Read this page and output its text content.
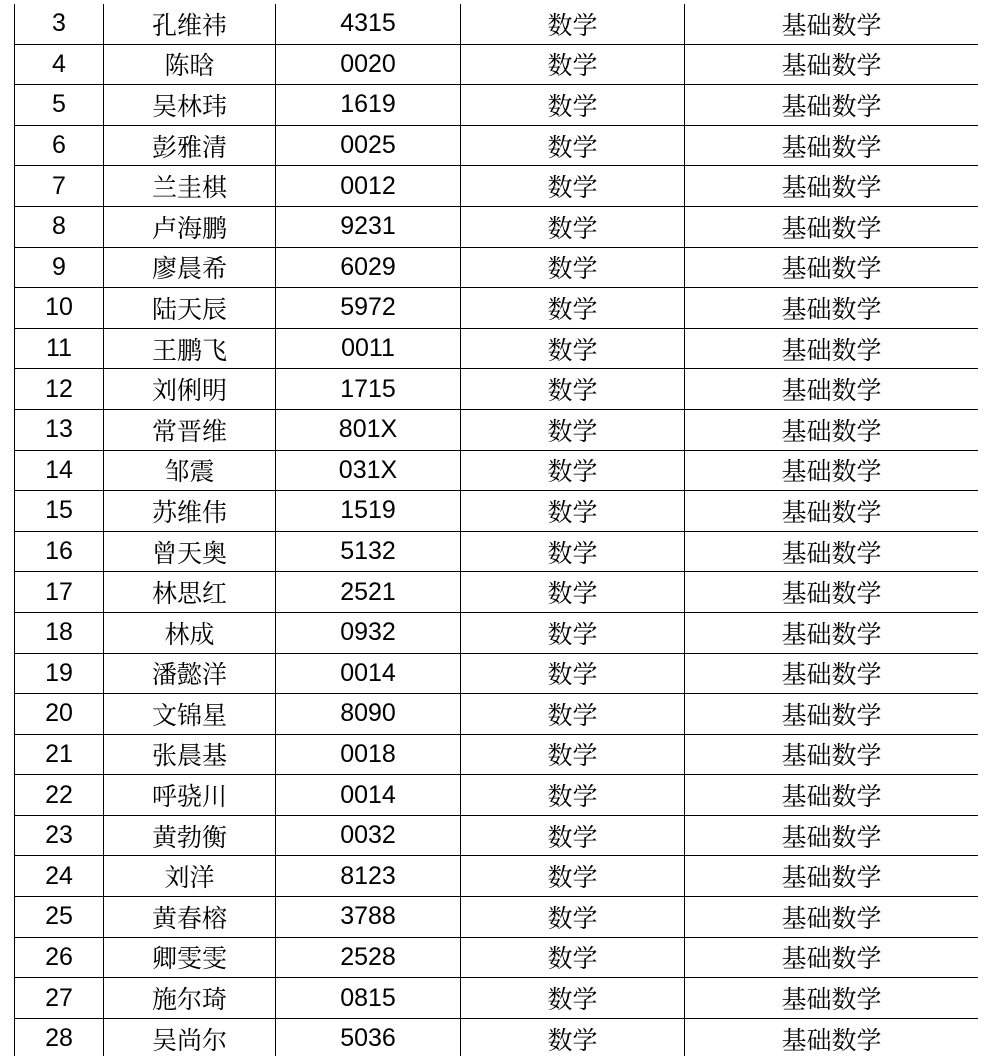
3	孔维祎	4315	数学	基础数学
4	陈晗	0020	数学	基础数学
5	吴林玮	1619	数学	基础数学
6	彭雅清	0025	数学	基础数学
7	兰圭棋	0012	数学	基础数学
8	卢海鹏	9231	数学	基础数学
9	廖晨希	6029	数学	基础数学
10	陆天辰	5972	数学	基础数学
11	王鹏飞	0011	数学	基础数学
12	刘俐明	1715	数学	基础数学
13	常晋维	801X	数学	基础数学
14	邹震	031X	数学	基础数学
15	苏维伟	1519	数学	基础数学
16	曾天奥	5132	数学	基础数学
17	林思红	2521	数学	基础数学
18	林成	0932	数学	基础数学
19	潘懿洋	0014	数学	基础数学
20	文锦星	8090	数学	基础数学
21	张晨基	0018	数学	基础数学
22	呼骁川	0014	数学	基础数学
23	黄勃衡	0032	数学	基础数学
24	刘洋	8123	数学	基础数学
25	黄春榕	3788	数学	基础数学
26	卿雯雯	2528	数学	基础数学
27	施尔琦	0815	数学	基础数学
28	吴尚尔	5036	数学	基础数学
